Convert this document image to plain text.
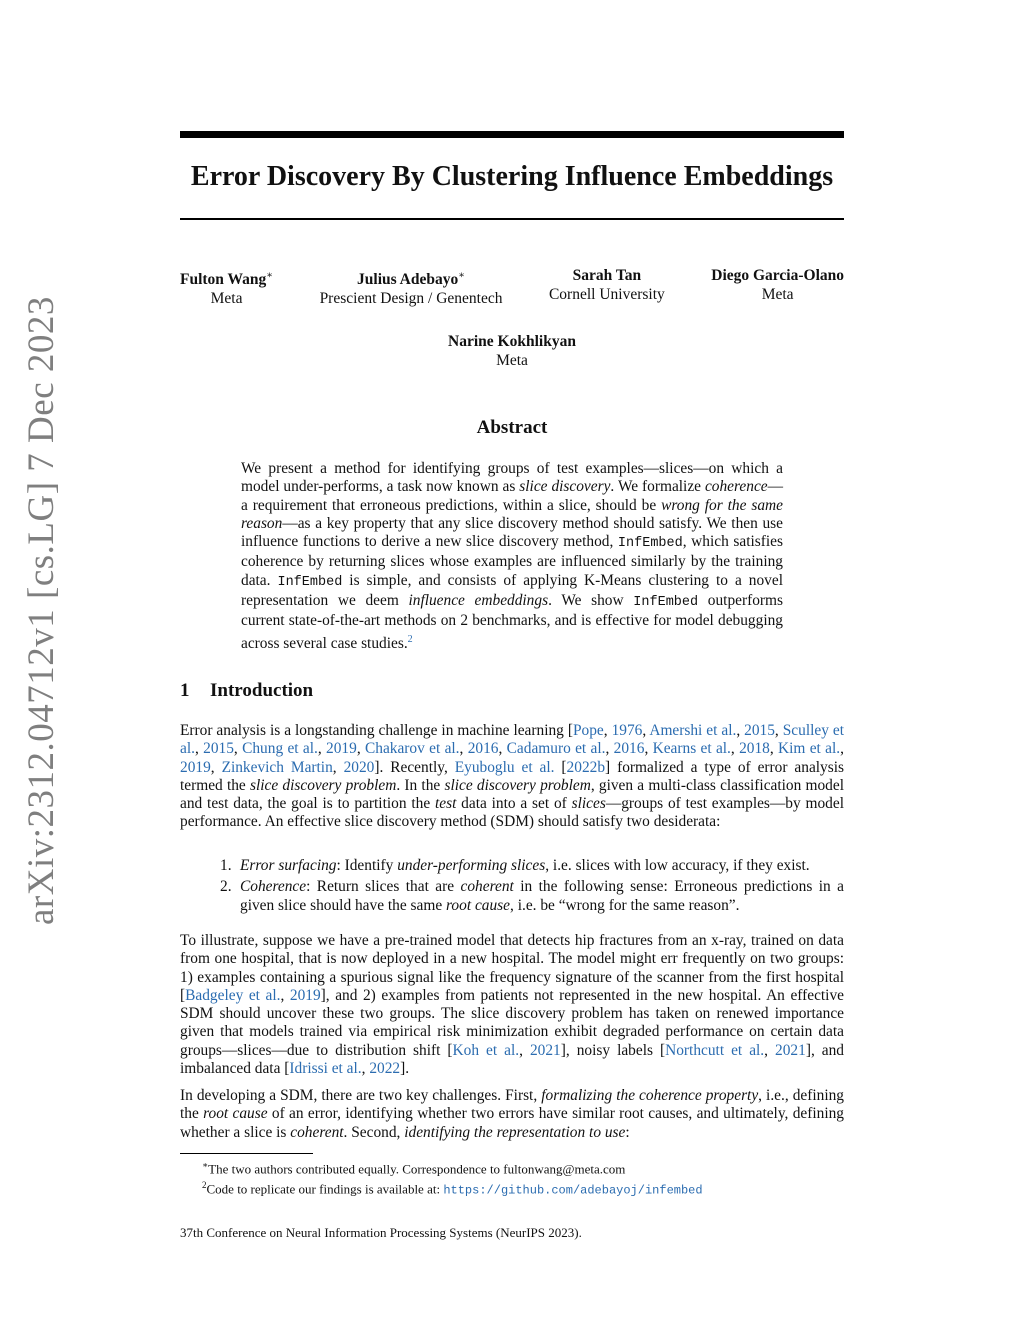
arXiv:2312.04712v1 [cs.LG] 7 Dec 2023
Error Discovery By Clustering Influence Embeddings
Fulton Wang∗
Meta
Julius Adebayo∗
Prescient Design / Genentech
Sarah Tan
Cornell University
Diego Garcia-Olano
Meta
Narine Kokhlikyan
Meta
Abstract

We present a method for identifying groups of test examples—slices—on which a model under-performs, a task now known as slice discovery. We formalize coherence—a requirement that erroneous predictions, within a slice, should be wrong for the same reason—as a key property that any slice discovery method should satisfy. We then use influence functions to derive a new slice discovery method, InfEmbed, which satisfies coherence by returning slices whose examples are influenced similarly by the training data. InfEmbed is simple, and consists of applying K-Means clustering to a novel representation we deem influence embeddings. We show InfEmbed outperforms current state-of-the-art methods on 2 benchmarks, and is effective for model debugging across several case studies.$^2$

1 Introduction

Error analysis is a longstanding challenge in machine learning [Pope, 1976, Amershi et al., 2015, Sculley et al., 2015, Chung et al., 2019, Chakarov et al., 2016, Cadamuro et al., 2016, Kearns et al., 2018, Kim et al., 2019, Zinkevich Martin, 2020]. Recently, Eyuboglu et al. [2022b] formalized a type of error analysis termed the slice discovery problem. In the slice discovery problem, given a multi-class classification model and test data, the goal is to partition the test data into a set of slices—groups of test examples—by model performance. An effective slice discovery method (SDM) should satisfy two desiderata:

1. Error surfacing: Identify under-performing slices, i.e. slices with low accuracy, if they exist.
2. Coherence: Return slices that are coherent in the following sense: Erroneous predictions in a given slice should have the same root cause, i.e. be “wrong for the same reason”.

To illustrate, suppose we have a pre-trained model that detects hip fractures from an x-ray, trained on data from one hospital, that is now deployed in a new hospital. The model might err frequently on two groups: 1) examples containing a spurious signal like the frequency signature of the scanner from the first hospital [Badgeley et al., 2019], and 2) examples from patients not represented in the new hospital. An effective SDM should uncover these two groups. The slice discovery problem has taken on renewed importance given that models trained via empirical risk minimization exhibit degraded performance on certain data groups—slices—due to distribution shift [Koh et al., 2021], noisy labels [Northcutt et al., 2021], and imbalanced data [Idrissi et al., 2022].

In developing a SDM, there are two key challenges. First, formalizing the coherence property, i.e., defining the root cause of an error, identifying whether two errors have similar root causes, and ultimately, defining whether a slice is coherent. Second, identifying the representation to use:

∗The two authors contributed equally. Correspondence to fultonwang@meta.com
$^2$Code to replicate our findings is available at: https://github.com/adebayoj/infembed
37th Conference on Neural Information Processing Systems (NeurIPS 2023).
